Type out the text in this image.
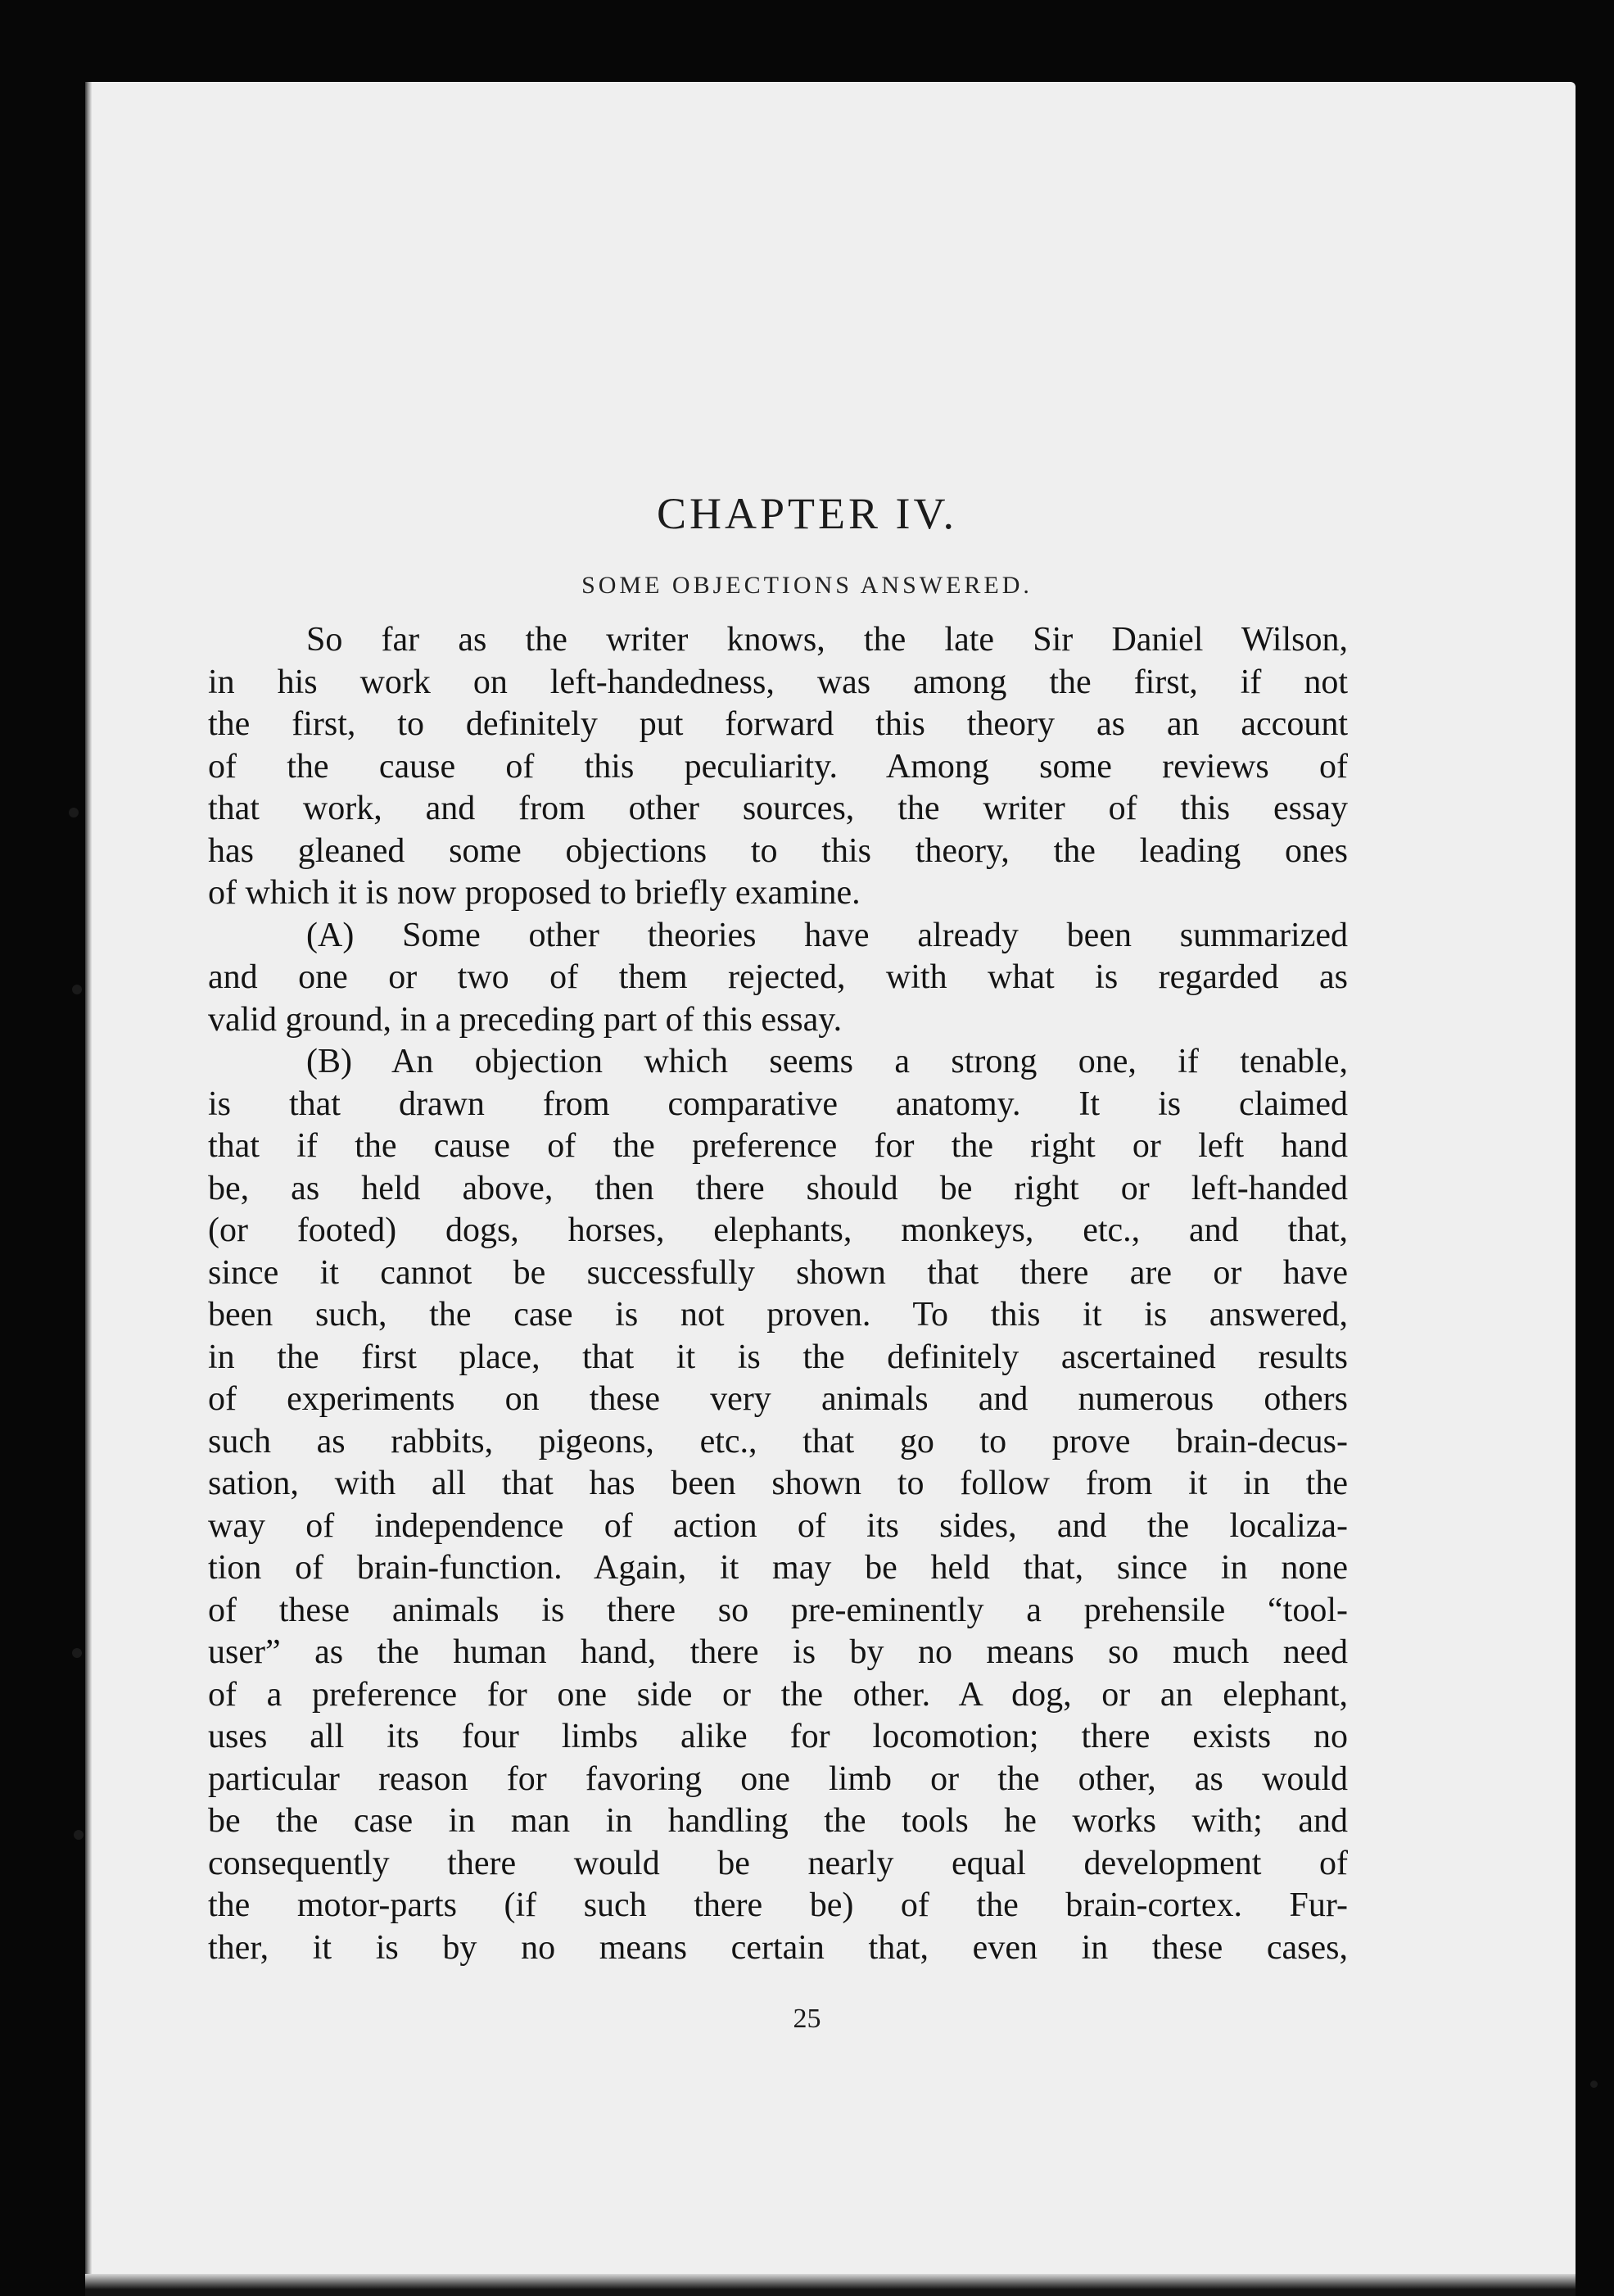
CHAPTER IV.
SOME OBJECTIONS ANSWERED.
So far as the writer knows, the late Sir Daniel Wilson,
in his work on left-handedness, was among the first, if not
the first, to definitely put forward this theory as an account
of the cause of this peculiarity. Among some reviews of
that work, and from other sources, the writer of this essay
has gleaned some objections to this theory, the leading ones
of which it is now proposed to briefly examine.
(A) Some other theories have already been summarized
and one or two of them rejected, with what is regarded as
valid ground, in a preceding part of this essay.
(B) An objection which seems a strong one, if tenable,
is that drawn from comparative anatomy. It is claimed
that if the cause of the preference for the right or left hand
be, as held above, then there should be right or left-handed
(or footed) dogs, horses, elephants, monkeys, etc., and that,
since it cannot be successfully shown that there are or have
been such, the case is not proven. To this it is answered,
in the first place, that it is the definitely ascertained results
of experiments on these very animals and numerous others
such as rabbits, pigeons, etc., that go to prove brain-decus-
sation, with all that has been shown to follow from it in the
way of independence of action of its sides, and the localiza-
tion of brain-function. Again, it may be held that, since in none
of these animals is there so pre-eminently a prehensile “tool-
user” as the human hand, there is by no means so much need
of a preference for one side or the other. A dog, or an elephant,
uses all its four limbs alike for locomotion; there exists no
particular reason for favoring one limb or the other, as would
be the case in man in handling the tools he works with; and
consequently there would be nearly equal development of
the motor-parts (if such there be) of the brain-cortex. Fur-
ther, it is by no means certain that, even in these cases,
25
